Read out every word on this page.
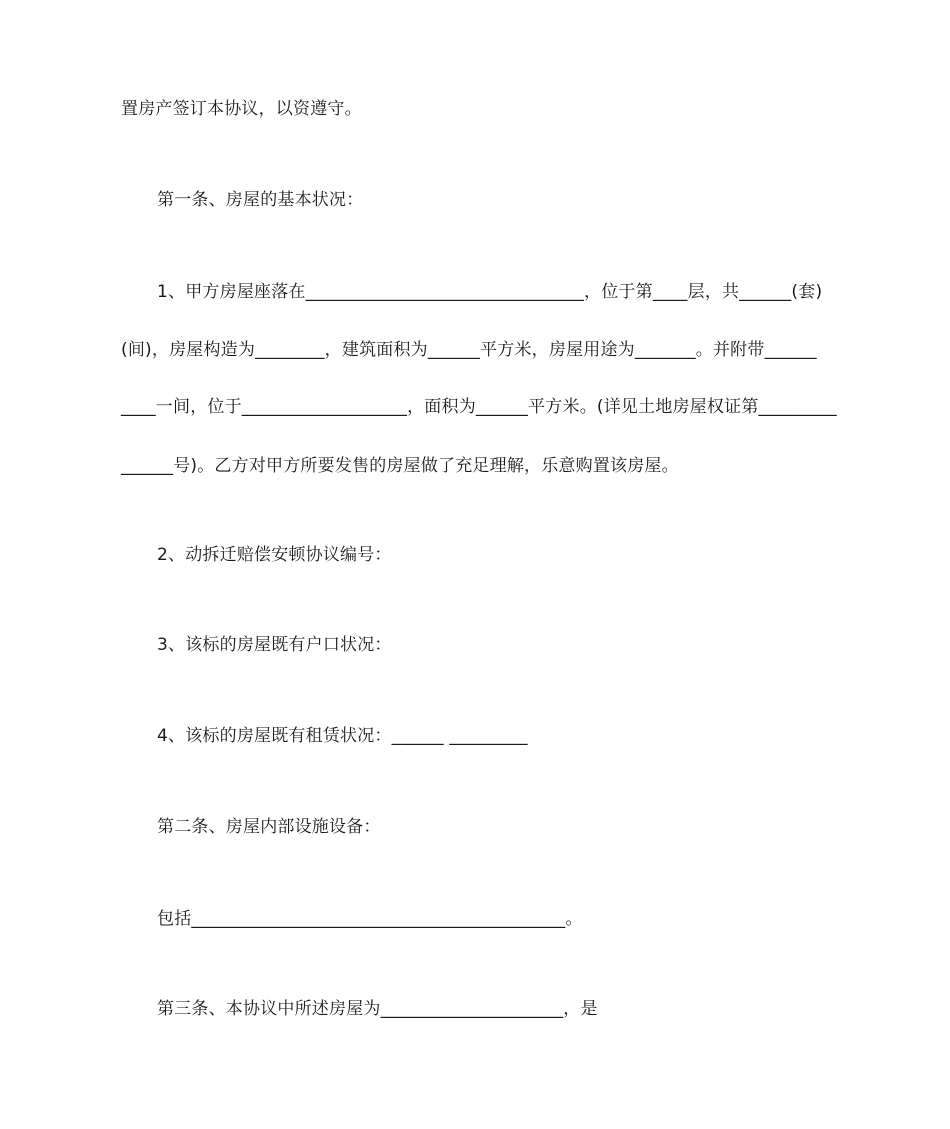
置房产签订本协议，以资遵守。
第一条、房屋的基本状况：
1、甲方房屋座落在________________________________，位于第____层，共______(套)
(间)，房屋构造为________，建筑面积为______平方米，房屋用途为_______。并附带______
____一间，位于___________________，面积为______平方米。(详见土地房屋权证第_________
______号)。乙方对甲方所要发售的房屋做了充足理解，乐意购置该房屋。
2、动拆迁赔偿安顿协议编号：
3、该标的房屋既有户口状况：
4、该标的房屋既有租赁状况：______ _________
第二条、房屋内部设施设备：
包括___________________________________________。
第三条、本协议中所述房屋为_____________________，是
